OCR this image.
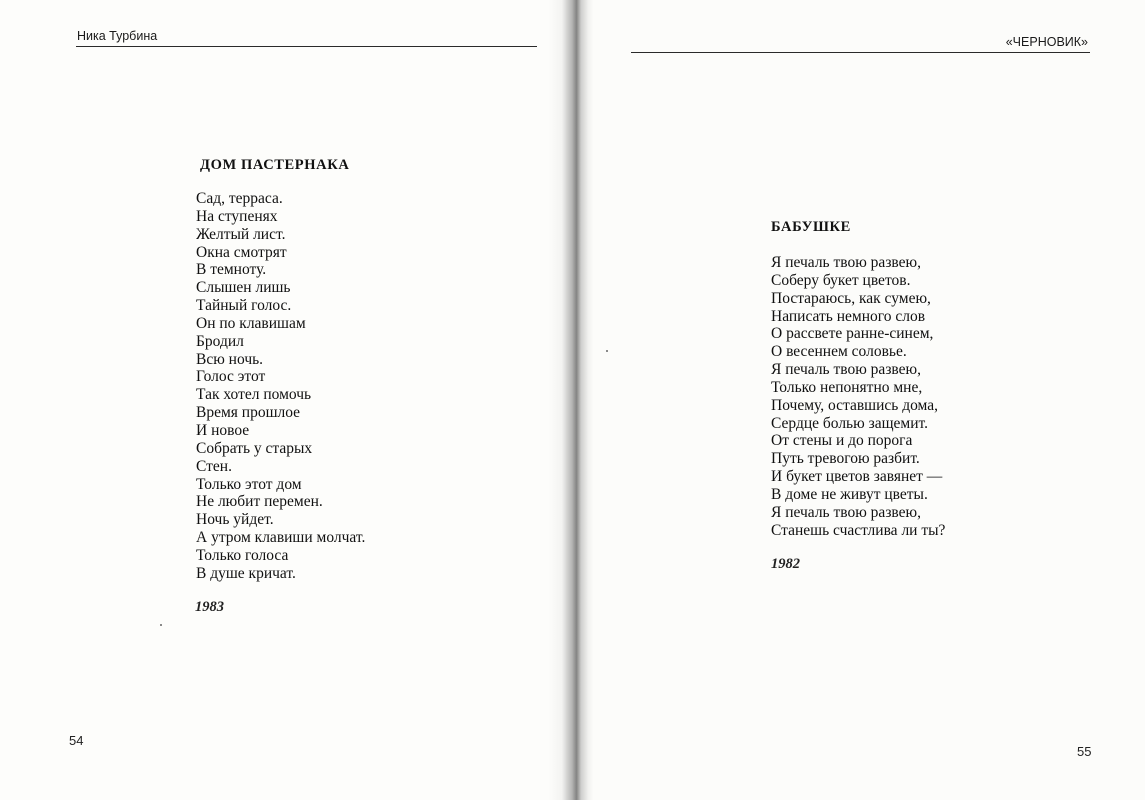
Ника Турбина
ДОМ ПАСТЕРНАКА
Сад, терраса.
На ступенях
Желтый лист.
Окна смотрят
В темноту.
Слышен лишь
Тайный голос.
Он по клавишам
Бродил
Всю ночь.
Голос этот
Так хотел помочь
Время прошлое
И новое
Собрать у старых
Стен.
Только этот дом
Не любит перемен.
Ночь уйдет.
А утром клавиши молчат.
Только голоса
В душе кричат.
1983
54
«ЧЕРНОВИК»
БАБУШКЕ
Я печаль твою развею,
Соберу букет цветов.
Постараюсь, как сумею,
Написать немного слов
О рассвете ранне-синем,
О весеннем соловье.
Я печаль твою развею,
Только непонятно мне,
Почему, оставшись дома,
Сердце болью защемит.
От стены и до порога
Путь тревогою разбит.
И букет цветов завянет —
В доме не живут цветы.
Я печаль твою развею,
Станешь счастлива ли ты?
1982
55
